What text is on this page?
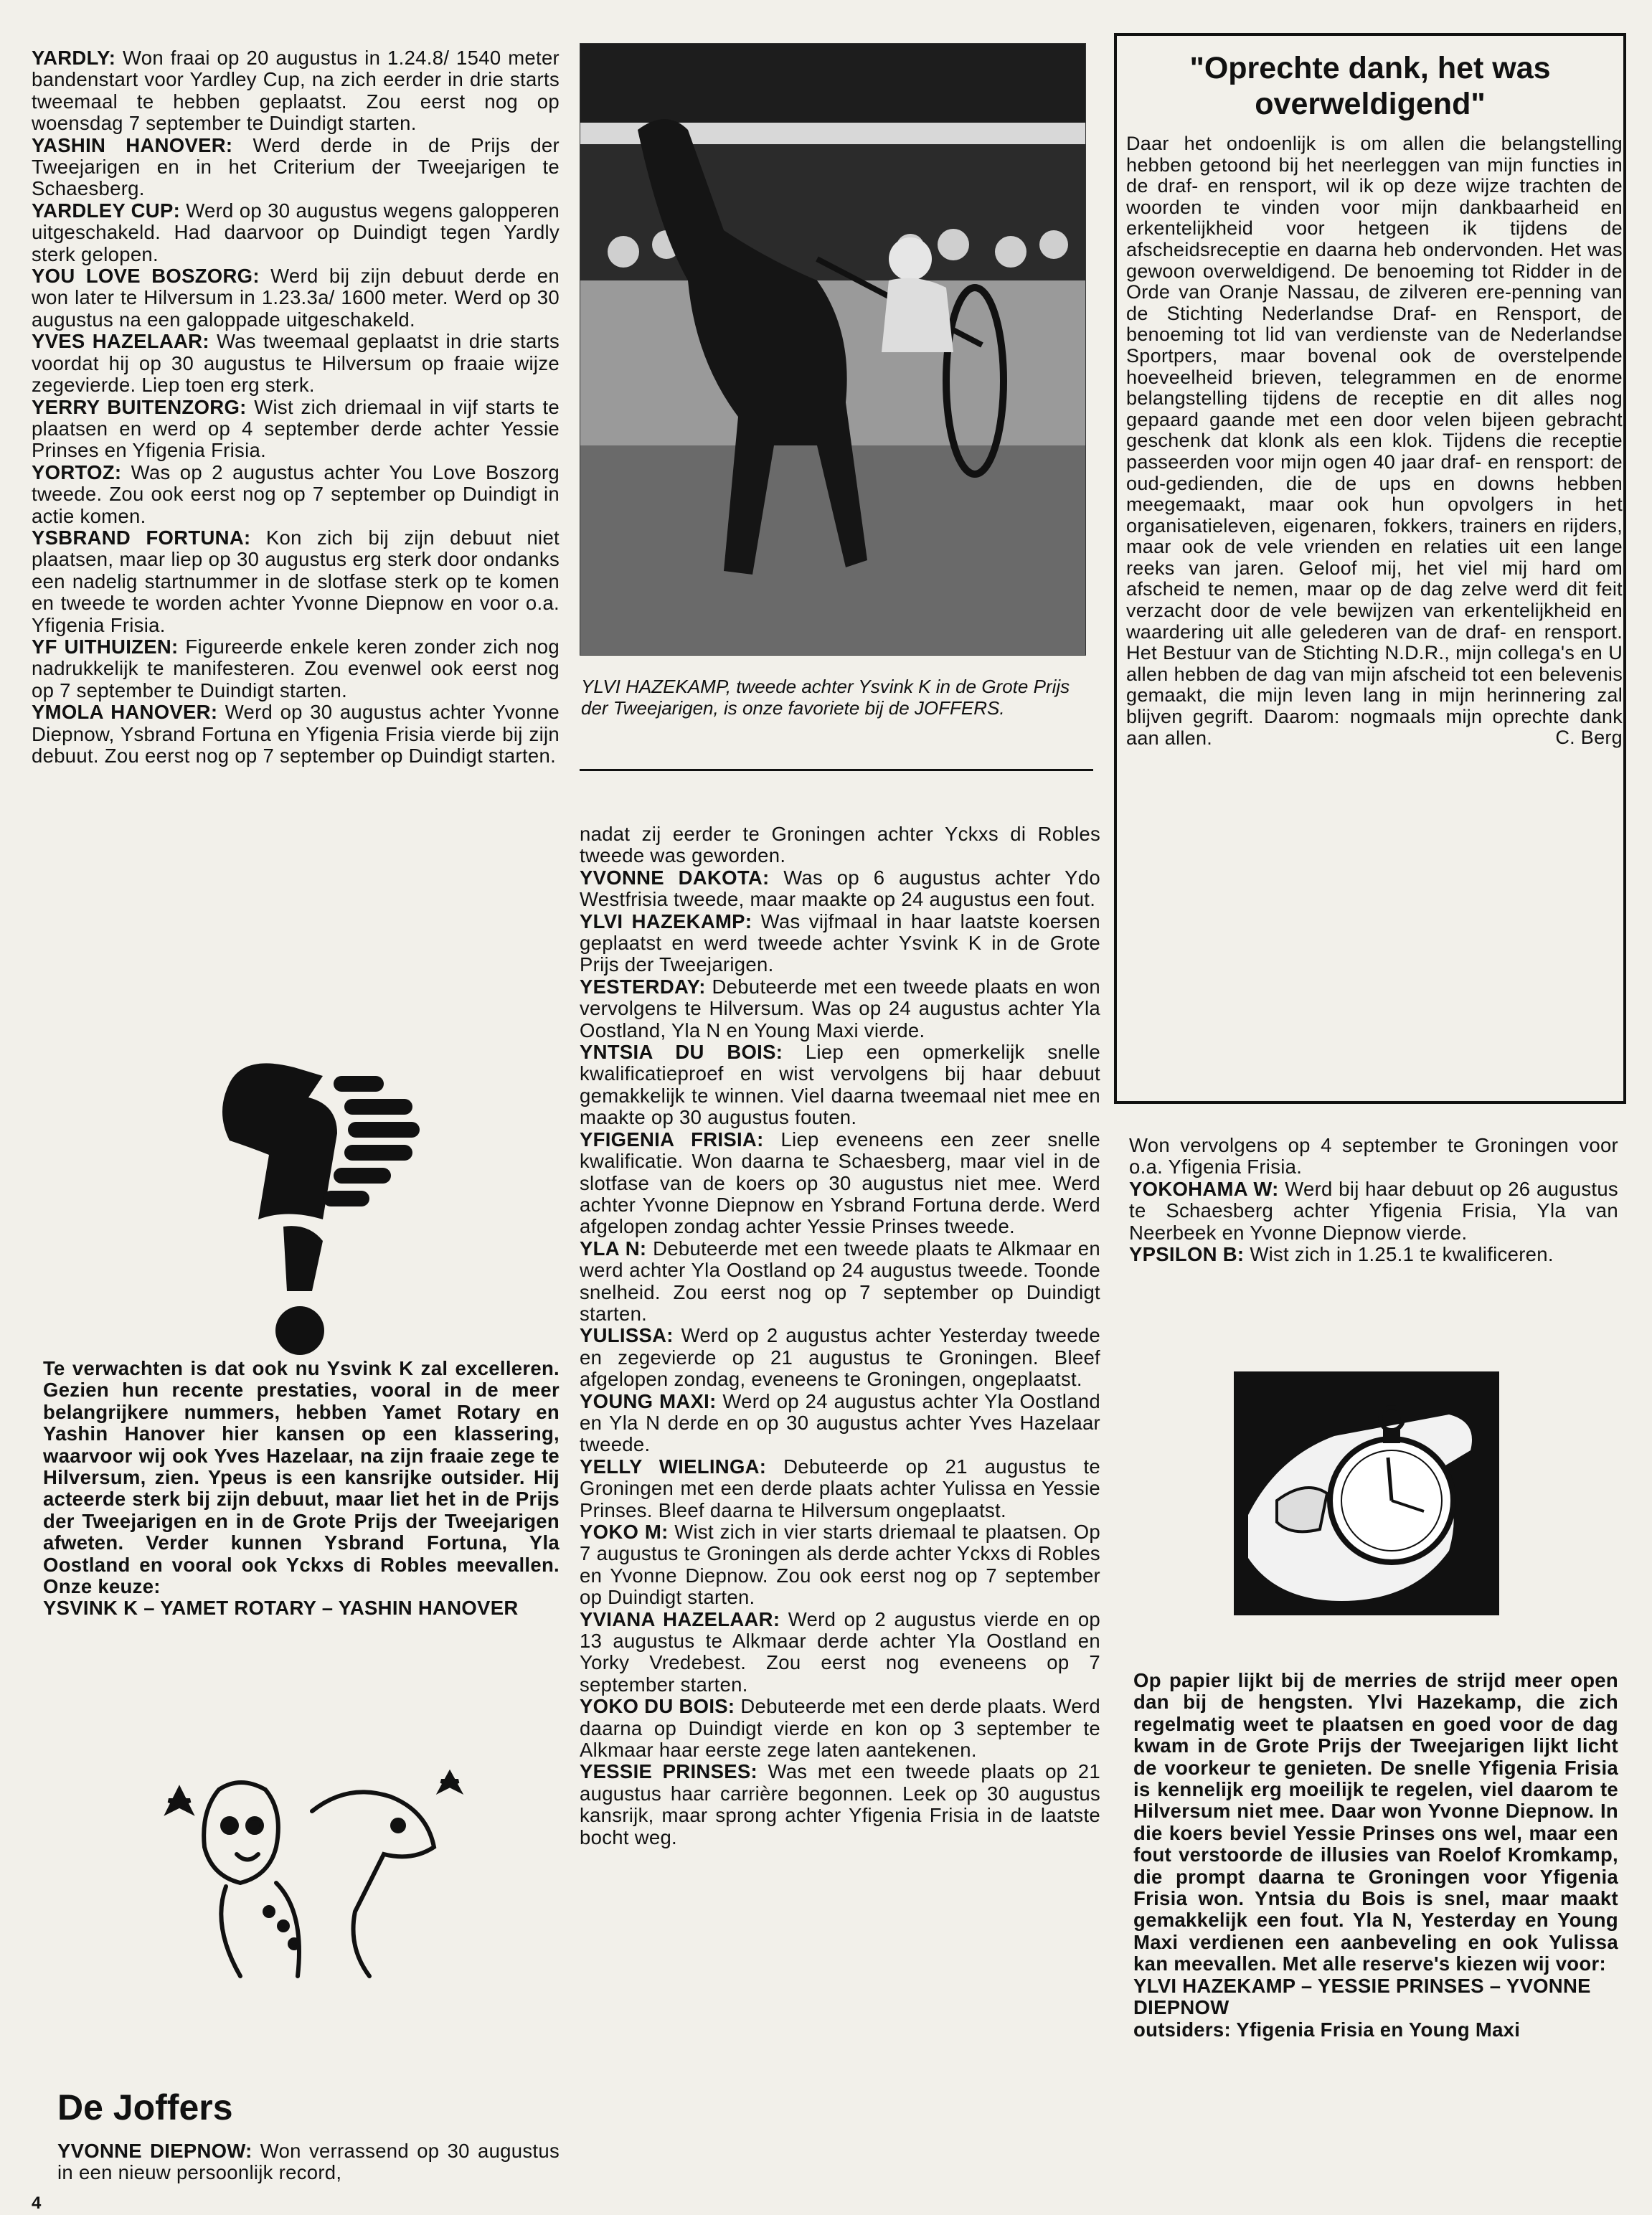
YARDLY: Won fraai op 20 augustus in 1.24.8/ 1540 meter bandenstart voor Yardley Cup, na zich eerder in drie starts tweemaal te hebben geplaatst. Zou eerst nog op woensdag 7 september te Duindigt starten.

YASHIN HANOVER: Werd derde in de Prijs der Tweejarigen en in het Criterium der Tweejarigen te Schaesberg.

YARDLEY CUP: Werd op 30 augustus wegens galopperen uitgeschakeld. Had daarvoor op Duindigt tegen Yardly sterk gelopen.

YOU LOVE BOSZORG: Werd bij zijn debuut derde en won later te Hilversum in 1.23.3a/ 1600 meter. Werd op 30 augustus na een galoppade uitgeschakeld.

YVES HAZELAAR: Was tweemaal geplaatst in drie starts voordat hij op 30 augustus te Hilversum op fraaie wijze zegevierde. Liep toen erg sterk.

YERRY BUITENZORG: Wist zich driemaal in vijf starts te plaatsen en werd op 4 september derde achter Yessie Prinses en Yfigenia Frisia.

YORTOZ: Was op 2 augustus achter You Love Boszorg tweede. Zou ook eerst nog op 7 september op Duindigt in actie komen.

YSBRAND FORTUNA: Kon zich bij zijn debuut niet plaatsen, maar liep op 30 augustus erg sterk door ondanks een nadelig startnummer in de slotfase sterk op te komen en tweede te worden achter Yvonne Diepnow en voor o.a. Yfigenia Frisia.

YF UITHUIZEN: Figureerde enkele keren zonder zich nog nadrukkelijk te manifesteren. Zou evenwel ook eerst nog op 7 september te Duindigt starten.

YMOLA HANOVER: Werd op 30 augustus achter Yvonne Diepnow, Ysbrand Fortuna en Yfigenia Frisia vierde bij zijn debuut. Zou eerst nog op 7 september op Duindigt starten.

Te verwachten is dat ook nu Ysvink K zal excelleren. Gezien hun recente prestaties, vooral in de meer belangrijkere nummers, hebben Yamet Rotary en Yashin Hanover hier kansen op een klassering, waarvoor wij ook Yves Hazelaar, na zijn fraaie zege te Hilversum, zien. Ypeus is een kansrijke outsider. Hij acteerde sterk bij zijn debuut, maar liet het in de Prijs der Tweejarigen en in de Grote Prijs der Tweejarigen afweten. Verder kunnen Ysbrand Fortuna, Yla Oostland en vooral ook Yckxs di Robles meevallen. Onze keuze:

YSVINK K – YAMET ROTARY – YASHIN HANOVER

De Joffers

YVONNE DIEPNOW: Won verrassend op 30 augustus in een nieuw persoonlijk record,

YLVI HAZEKAMP, tweede achter Ysvink K in de Grote Prijs der Tweejarigen, is onze favoriete bij de JOFFERS.

nadat zij eerder te Groningen achter Yckxs di Robles tweede was geworden.

YVONNE DAKOTA: Was op 6 augustus achter Ydo Westfrisia tweede, maar maakte op 24 augustus een fout.

YLVI HAZEKAMP: Was vijfmaal in haar laatste koersen geplaatst en werd tweede achter Ysvink K in de Grote Prijs der Tweejarigen.

YESTERDAY: Debuteerde met een tweede plaats en won vervolgens te Hilversum. Was op 24 augustus achter Yla Oostland, Yla N en Young Maxi vierde.

YNTSIA DU BOIS: Liep een opmerkelijk snelle kwalificatieproef en wist vervolgens bij haar debuut gemakkelijk te winnen. Viel daarna tweemaal niet mee en maakte op 30 augustus fouten.

YFIGENIA FRISIA: Liep eveneens een zeer snelle kwalificatie. Won daarna te Schaesberg, maar viel in de slotfase van de koers op 30 augustus niet mee. Werd achter Yvonne Diepnow en Ysbrand Fortuna derde. Werd afgelopen zondag achter Yessie Prinses tweede.

YLA N: Debuteerde met een tweede plaats te Alkmaar en werd achter Yla Oostland op 24 augustus tweede. Toonde snelheid. Zou eerst nog op 7 september op Duindigt starten.

YULISSA: Werd op 2 augustus achter Yesterday tweede en zegevierde op 21 augustus te Groningen. Bleef afgelopen zondag, eveneens te Groningen, ongeplaatst.

YOUNG MAXI: Werd op 24 augustus achter Yla Oostland en Yla N derde en op 30 augustus achter Yves Hazelaar tweede.

YELLY WIELINGA: Debuteerde op 21 augustus te Groningen met een derde plaats achter Yulissa en Yessie Prinses. Bleef daarna te Hilversum ongeplaatst.

YOKO M: Wist zich in vier starts driemaal te plaatsen. Op 7 augustus te Groningen als derde achter Yckxs di Robles en Yvonne Diepnow. Zou ook eerst nog op 7 september op Duindigt starten.

YVIANA HAZELAAR: Werd op 2 augustus vierde en op 13 augustus te Alkmaar derde achter Yla Oostland en Yorky Vredebest. Zou eerst nog eveneens op 7 september starten.

YOKO DU BOIS: Debuteerde met een derde plaats. Werd daarna op Duindigt vierde en kon op 3 september te Alkmaar haar eerste zege laten aantekenen.

YESSIE PRINSES: Was met een tweede plaats op 21 augustus haar carrière begonnen. Leek op 30 augustus kansrijk, maar sprong achter Yfigenia Frisia in de laatste bocht weg.

"Oprechte dank, het was overweldigend"

Daar het ondoenlijk is om allen die belangstelling hebben getoond bij het neerleggen van mijn functies in de draf- en rensport, wil ik op deze wijze trachten de woorden te vinden voor mijn dankbaarheid en erkentelijkheid voor hetgeen ik tijdens de afscheidsreceptie en daarna heb ondervonden. Het was gewoon overweldigend. De benoeming tot Ridder in de Orde van Oranje Nassau, de zilveren ere-penning van de Stichting Nederlandse Draf- en Rensport, de benoeming tot lid van verdienste van de Nederlandse Sportpers, maar bovenal ook de overstelpende hoeveelheid brieven, telegrammen en de enorme belangstelling tijdens de receptie en dit alles nog gepaard gaande met een door velen bijeen gebracht geschenk dat klonk als een klok. Tijdens die receptie passeerden voor mijn ogen 40 jaar draf- en rensport: de oud-gedienden, die de ups en downs hebben meegemaakt, maar ook hun opvolgers in het organisatieleven, eigenaren, fokkers, trainers en rijders, maar ook de vele vrienden en relaties uit een lange reeks van jaren. Geloof mij, het viel mij hard om afscheid te nemen, maar op de dag zelve werd dit feit verzacht door de vele bewijzen van erkentelijkheid en waardering uit alle gelederen van de draf- en rensport. Het Bestuur van de Stichting N.D.R., mijn collega's en U allen hebben de dag van mijn afscheid tot een belevenis gemaakt, die mijn leven lang in mijn herinnering zal blijven gegrift. Daarom: nogmaals mijn oprechte dank aan allen.	C. Berg

Won vervolgens op 4 september te Groningen voor o.a. Yfigenia Frisia.

YOKOHAMA W: Werd bij haar debuut op 26 augustus te Schaesberg achter Yfigenia Frisia, Yla van Neerbeek en Yvonne Diepnow vierde.

YPSILON B: Wist zich in 1.25.1 te kwalificeren.

Op papier lijkt bij de merries de strijd meer open dan bij de hengsten. Ylvi Hazekamp, die zich regelmatig weet te plaatsen en goed voor de dag kwam in de Grote Prijs der Tweejarigen lijkt licht de voorkeur te genieten. De snelle Yfigenia Frisia is kennelijk erg moeilijk te regelen, viel daarom te Hilversum niet mee. Daar won Yvonne Diepnow. In die koers beviel Yessie Prinses ons wel, maar een fout verstoorde de illusies van Roelof Kromkamp, die prompt daarna te Groningen voor Yfigenia Frisia won. Yntsia du Bois is snel, maar maakt gemakkelijk een fout. Yla N, Yesterday en Young Maxi verdienen een aanbeveling en ook Yulissa kan meevallen. Met alle reserve's kiezen wij voor:

YLVI HAZEKAMP – YESSIE PRINSES – YVONNE DIEPNOW

outsiders: Yfigenia Frisia en Young Maxi

4
